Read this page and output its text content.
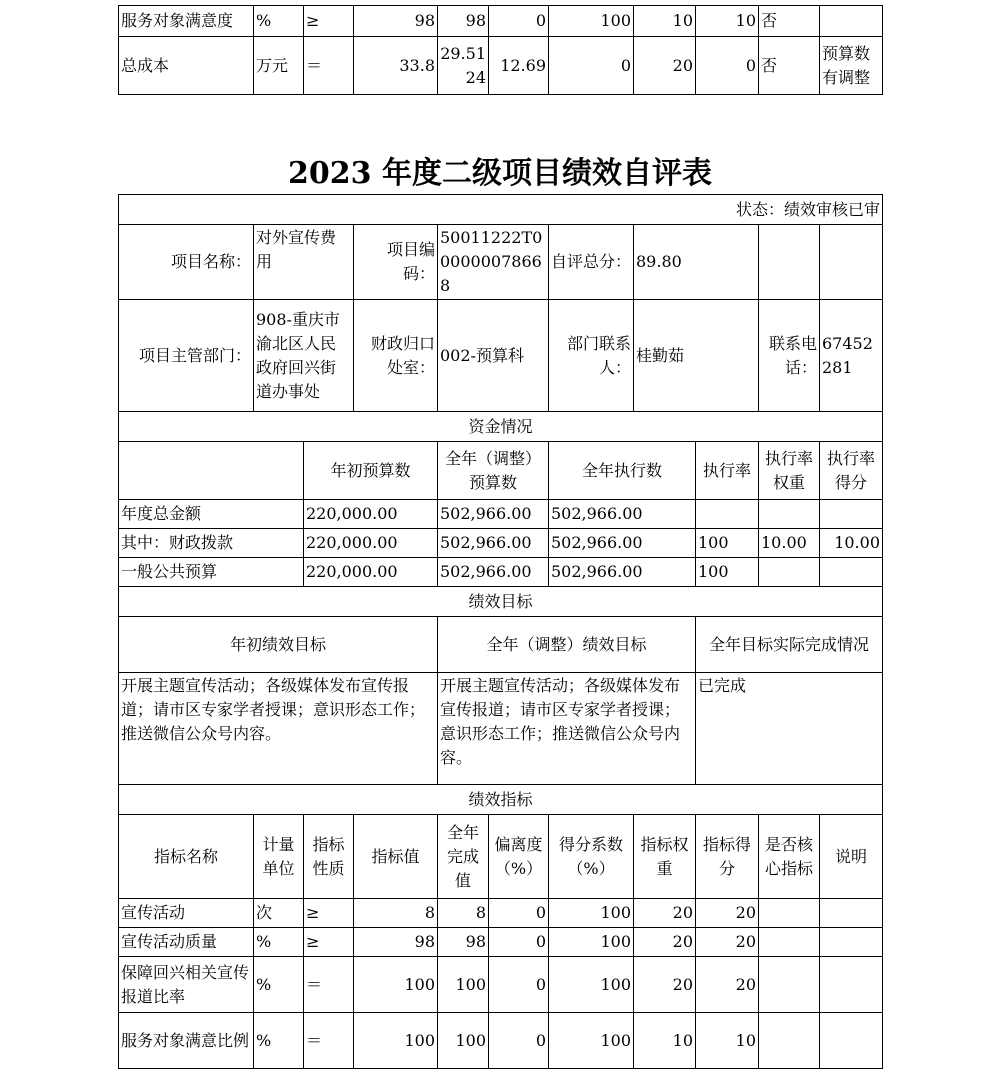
服务对象满意度	%	≥	98	98	0	100	10	10	否	
总成本	万元	＝	33.8	29.5124	12.69	0	20	0	否	预算数有调整
2023 年度二级项目绩效自评表
状态：绩效审核已审										
项目名称：	对外宣传费用		项目编码：	50011222T000000078668		自评总分：	89.80			
项目主管部门：	908-重庆市渝北区人民政府回兴街道办事处		财政归口处室：	002-预算科		部门联系人：	桂勤茹		联系电话：	67452281
资金情况										
		年初预算数		全年（调整）预算数		全年执行数		执行率	执行率权重	执行率得分
年度总金额		220,000.00		502,966.00		502,966.00				
其中：财政拨款		220,000.00		502,966.00		502,966.00		100	10.00	10.00
一般公共预算		220,000.00		502,966.00		502,966.00		100		
绩效目标										
年初绩效目标				全年（调整）绩效目标				全年目标实际完成情况		
开展主题宣传活动；各级媒体发布宣传报道；请市区专家学者授课；意识形态工作；推送微信公众号内容。				开展主题宣传活动；各级媒体发布宣传报道；请市区专家学者授课；意识形态工作；推送微信公众号内容。				已完成		
绩效指标										
指标名称	计量单位	指标性质	指标值	全年完成值	偏离度（%）	得分系数（%）	指标权重	指标得分	是否核心指标	说明
宣传活动	次	≥	8	8	0	100	20	20		
宣传活动质量	%	≥	98	98	0	100	20	20		
保障回兴相关宣传报道比率	%	＝	100	100	0	100	20	20		
服务对象满意比例	%	＝	100	100	0	100	10	10		
